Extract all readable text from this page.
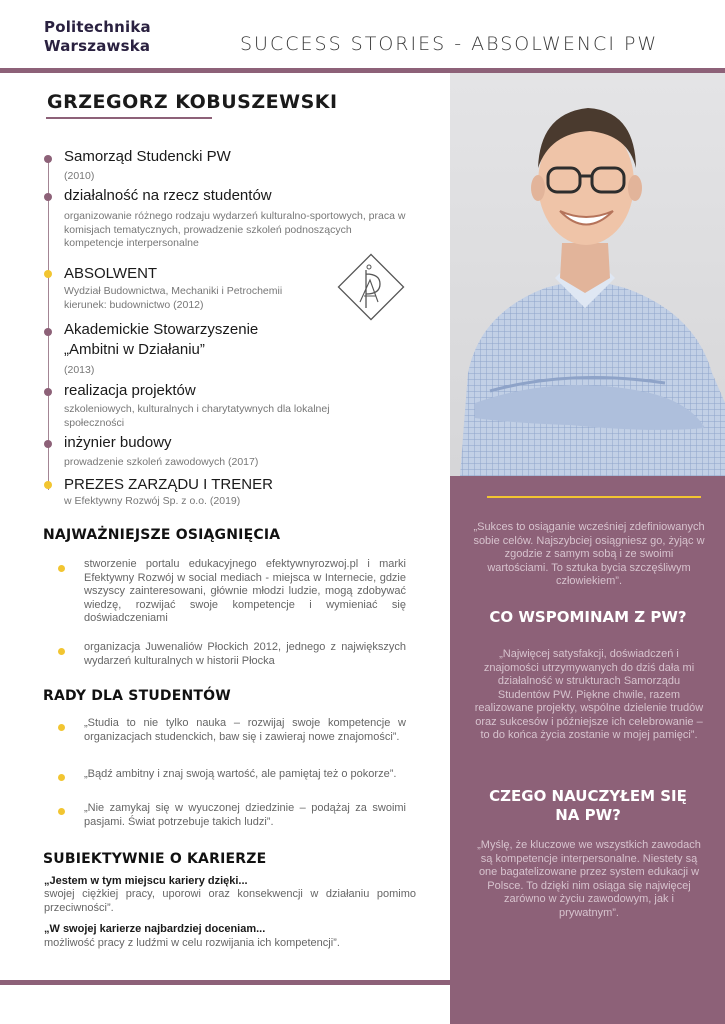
Politechnika
Warszawska	SUCCESS STORIES - ABSOLWENCI PW
„Sukces to osiąganie wcześniej zdefiniowanych sobie celów. Najszybciej osiągniesz go, żyjąc w zgodzie z samym sobą i ze swoimi wartościami. To sztuka bycia szczęśliwym człowiekiem”.
CO WSPOMINAM Z PW?
„Najwięcej satysfakcji, doświadczeń i znajomości utrzymywanych do dziś dała mi działalność w strukturach Samorządu Studentów PW. Piękne chwile, razem realizowane projekty, wspólne dzielenie trudów oraz sukcesów i późniejsze ich celebrowanie – to do końca życia zostanie w mojej pamięci”.
CZEGO NAUCZYŁEM SIĘ
NA PW?
„Myślę, że kluczowe we wszystkich zawodach są kompetencje interpersonalne. Niestety są one bagatelizowane przez system edukacji w Polsce. To dzięki nim osiąga się najwięcej zarówno w życiu zawodowym, jak i prywatnym”.
GRZEGORZ KOBUSZEWSKI
Samorząd Studencki PW
(2010)
działalność na rzecz studentów
organizowanie różnego rodzaju wydarzeń kulturalno-sportowych, praca w komisjach tematycznych, prowadzenie szkoleń podnoszących kompetencje interpersonalne
ABSOLWENT
Wydział Budownictwa, Mechaniki i Petrochemii kierunek: budownictwo (2012)
Akademickie Stowarzyszenie
„Ambitni w Działaniu”
(2013)
realizacja projektów
szkoleniowych, kulturalnych i charytatywnych dla lokalnej społeczności
inżynier budowy
prowadzenie szkoleń zawodowych (2017)
PREZES ZARZĄDU I TRENER
w Efektywny Rozwój Sp. z o.o. (2019)
NAJWAŻNIEJSZE OSIĄGNIĘCIA
stworzenie portalu edukacyjnego efektywnyrozwoj.pl i marki Efektywny Rozwój w social mediach - miejsca w Internecie, gdzie wszyscy zainteresowani, głównie młodzi ludzie, mogą zdobywać wiedzę, rozwijać swoje kompetencje i wymieniać się doświadczeniami
organizacja Juwenaliów Płockich 2012, jednego z największych wydarzeń kulturalnych w historii Płocka
RADY DLA STUDENTÓW
„Studia to nie tylko nauka – rozwijaj swoje kompetencje w organizacjach studenckich, baw się i zawieraj nowe znajomości”.
„Bądź ambitny i znaj swoją wartość, ale pamiętaj też o pokorze”.
„Nie zamykaj się w wyuczonej dziedzinie – podążaj za swoimi pasjami. Świat potrzebuje takich ludzi”.
SUBIEKTYWNIE O KARIERZE
„Jestem w tym miejscu kariery dzięki...
swojej ciężkiej pracy, uporowi oraz konsekwencji w działaniu pomimo przeciwności”.
„W swojej karierze najbardziej doceniam...
możliwość pracy z ludźmi w celu rozwijania ich kompetencji”.
